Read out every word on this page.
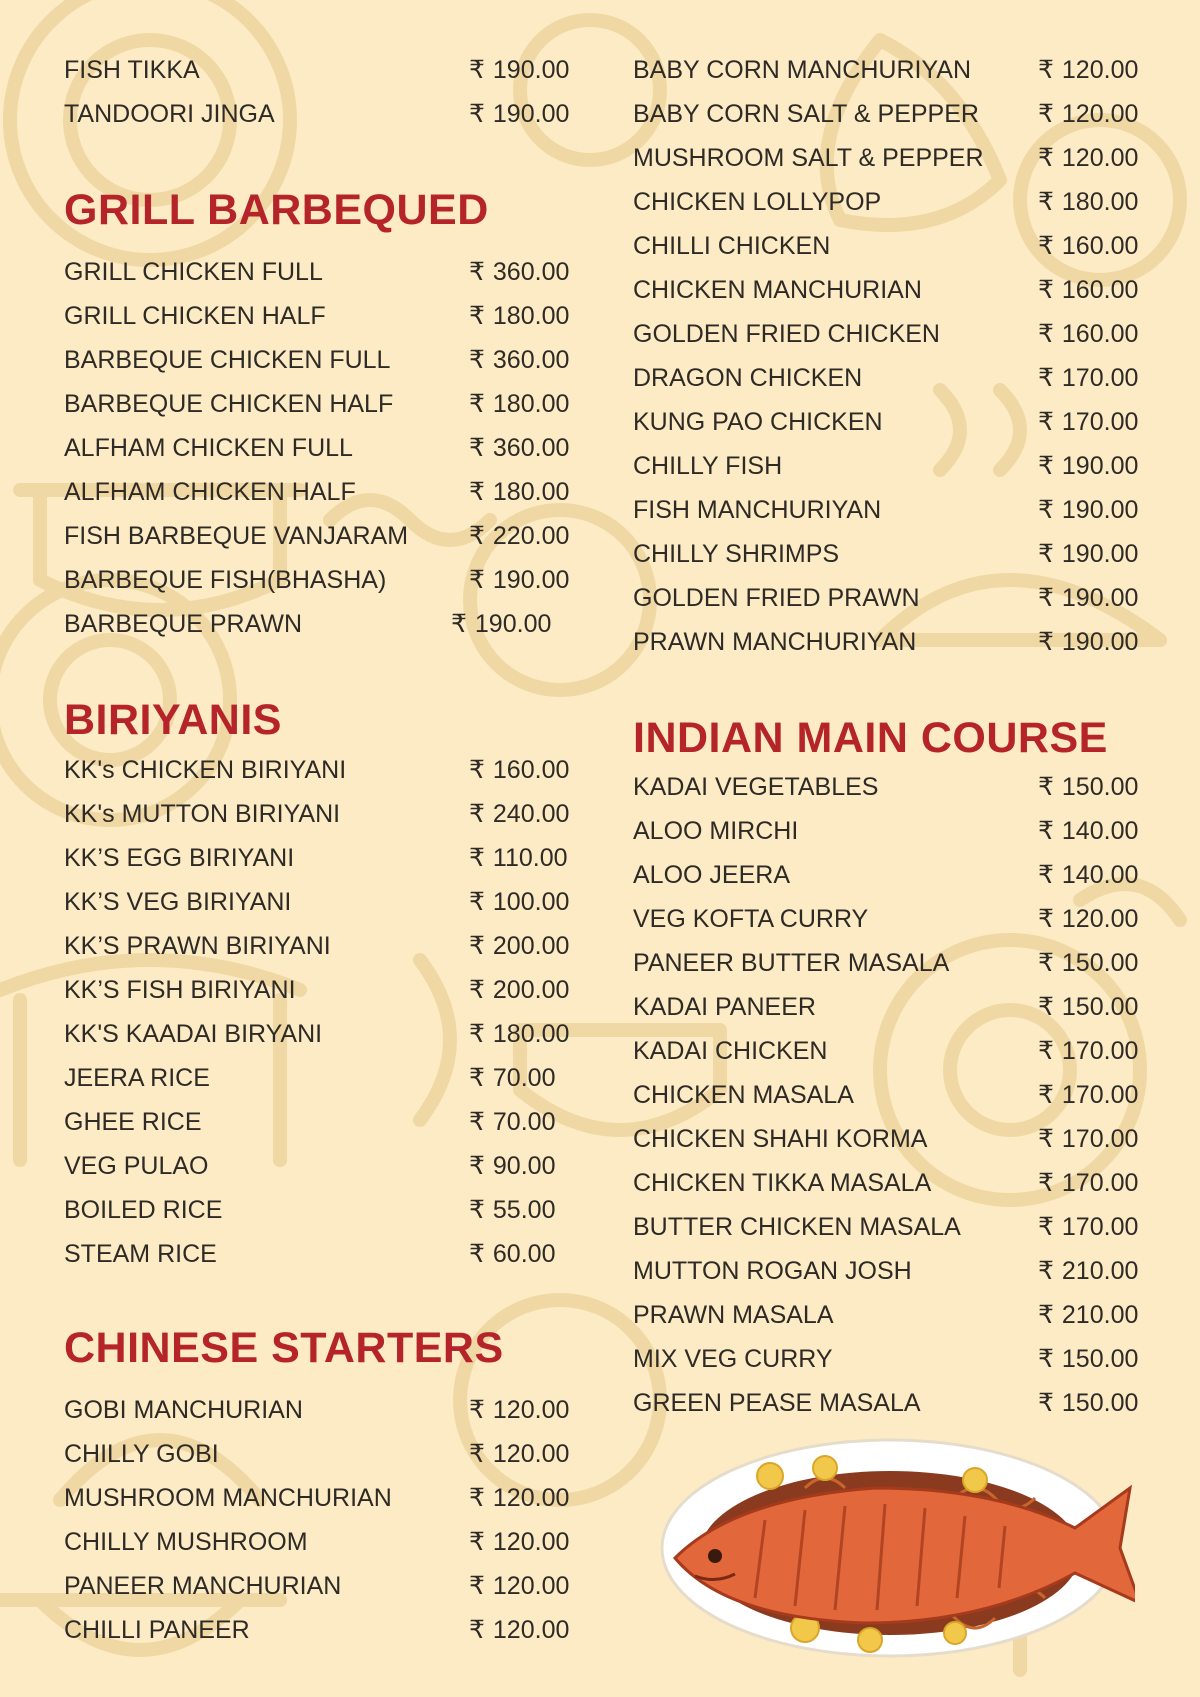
FISH TIKKA	₹ 190.00
TANDOORI JINGA	₹ 190.00
GRILL BARBEQUED
GRILL CHICKEN FULL	₹ 360.00
GRILL CHICKEN HALF	₹ 180.00
BARBEQUE CHICKEN FULL	₹ 360.00
BARBEQUE CHICKEN HALF	₹ 180.00
ALFHAM CHICKEN FULL	₹ 360.00
ALFHAM CHICKEN HALF	₹ 180.00
FISH BARBEQUE VANJARAM ₹ 220.00
BARBEQUE FISH(BHASHA)	₹ 190.00
BARBEQUE PRAWN	₹ 190.00
BIRIYANIS
KK's CHICKEN BIRIYANI	₹ 160.00
KK's MUTTON BIRIYANI	₹ 240.00
KK’S EGG BIRIYANI	₹ 110.00
KK’S VEG BIRIYANI	₹ 100.00
KK’S PRAWN BIRIYANI	₹ 200.00
KK’S FISH BIRIYANI	₹ 200.00
KK'S KAADAI BIRYANI	₹ 180.00
JEERA RICE	₹ 70.00
GHEE RICE	₹ 70.00
VEG PULAO	₹ 90.00
BOILED RICE	₹ 55.00
STEAM RICE	₹ 60.00
CHINESE STARTERS
GOBI MANCHURIAN	₹ 120.00
CHILLY GOBI	₹ 120.00
MUSHROOM MANCHURIAN	₹ 120.00
CHILLY MUSHROOM	₹ 120.00
PANEER MANCHURIAN	₹ 120.00
CHILLI PANEER	₹ 120.00
BABY CORN MANCHURIYAN	₹ 120.00
BABY CORN SALT & PEPPER ₹ 120.00
MUSHROOM SALT & PEPPER ₹ 120.00
CHICKEN LOLLYPOP	₹ 180.00
CHILLI CHICKEN	₹ 160.00
CHICKEN MANCHURIAN	₹ 160.00
GOLDEN FRIED CHICKEN	₹ 160.00
DRAGON CHICKEN	₹ 170.00
KUNG PAO CHICKEN	₹ 170.00
CHILLY FISH	₹ 190.00
FISH MANCHURIYAN	₹ 190.00
CHILLY SHRIMPS	₹ 190.00
GOLDEN FRIED PRAWN	₹ 190.00
PRAWN MANCHURIYAN	₹ 190.00
INDIAN MAIN COURSE
KADAI VEGETABLES	₹ 150.00
ALOO MIRCHI	₹ 140.00
ALOO JEERA	₹ 140.00
VEG KOFTA CURRY	₹ 120.00
PANEER BUTTER MASALA	₹ 150.00
KADAI PANEER	₹ 150.00
KADAI CHICKEN	₹ 170.00
CHICKEN MASALA	₹ 170.00
CHICKEN SHAHI KORMA	₹ 170.00
CHICKEN TIKKA MASALA	₹ 170.00
BUTTER CHICKEN MASALA	₹ 170.00
MUTTON ROGAN JOSH	₹ 210.00
PRAWN MASALA	₹ 210.00
MIX VEG CURRY	₹ 150.00
GREEN PEASE MASALA	₹ 150.00
